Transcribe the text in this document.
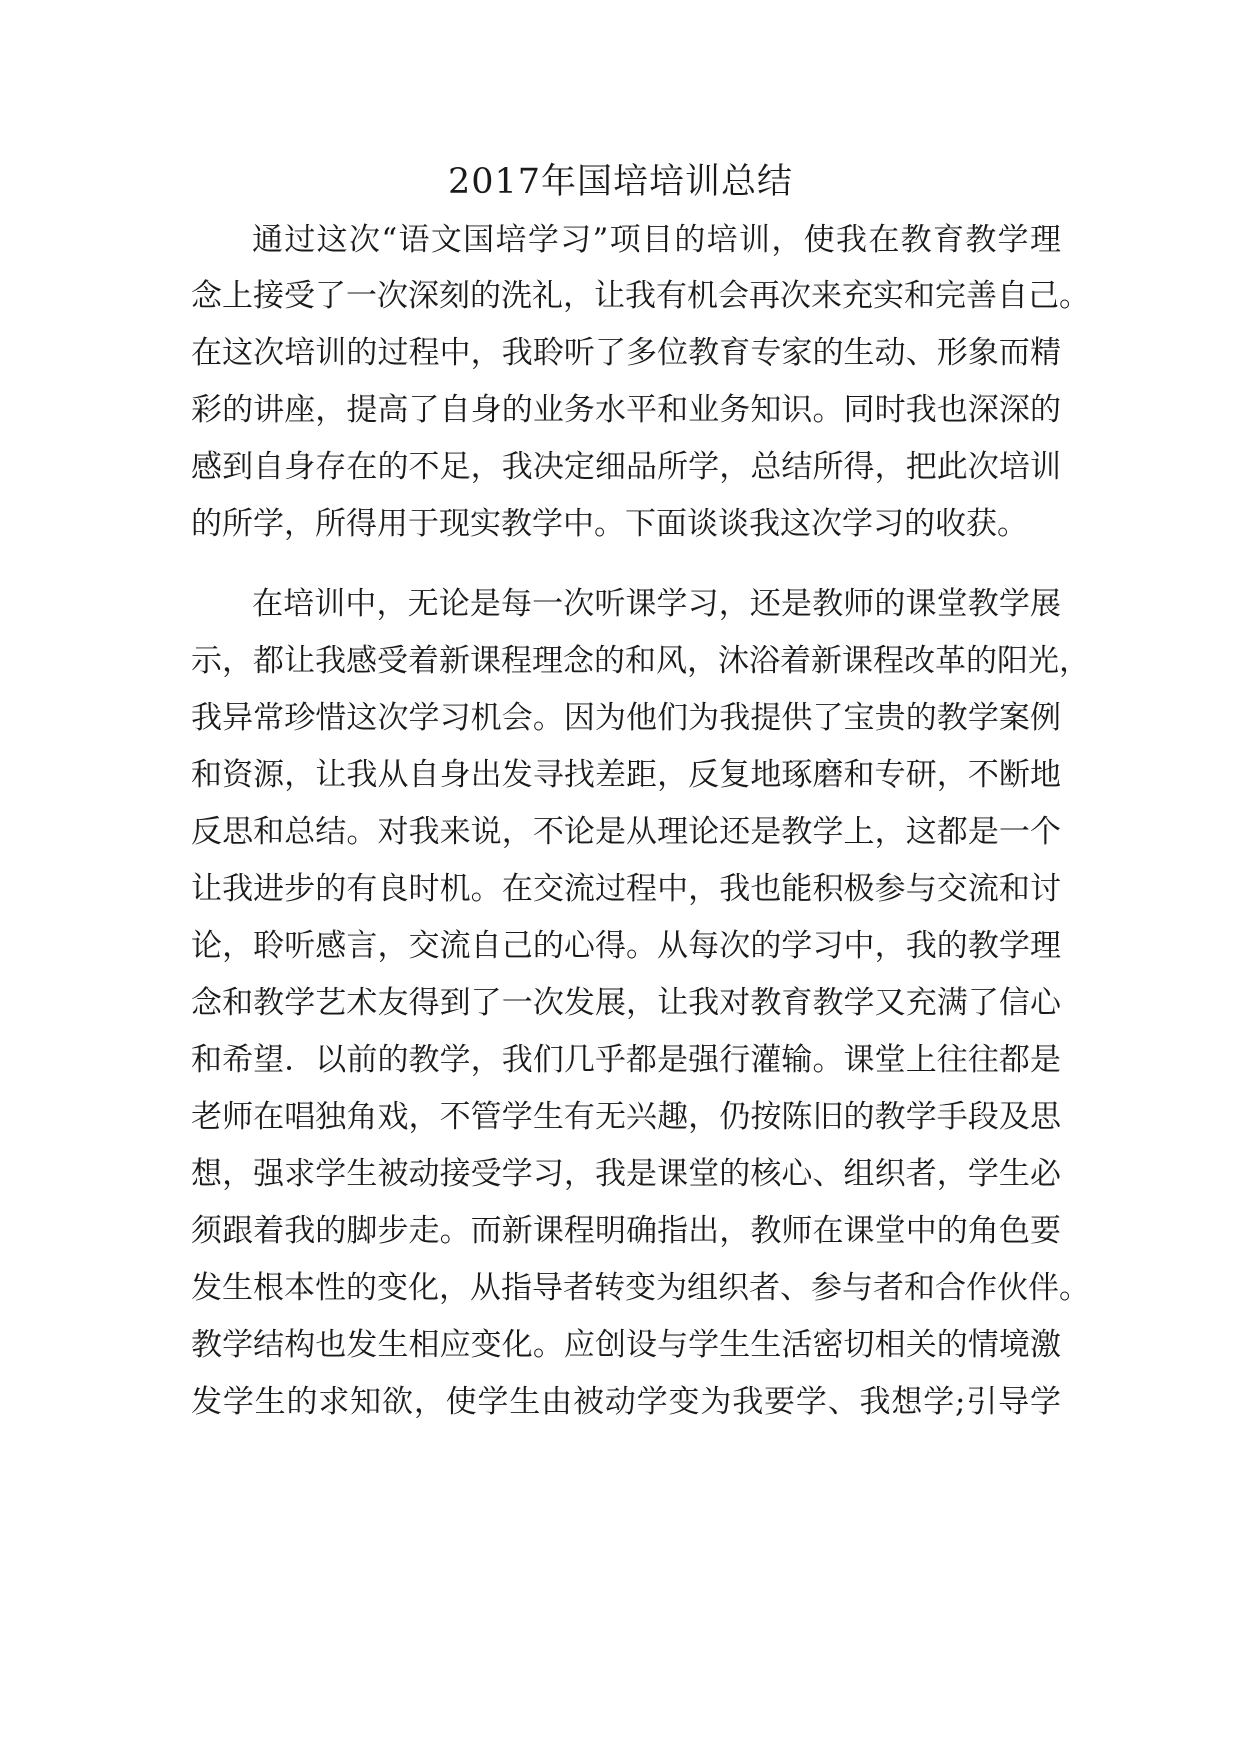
2017年国培培训总结
通过这次“语文国培学习”项目的培训，使我在教育教学理
念上接受了一次深刻的洗礼，让我有机会再次来充实和完善自己。
在这次培训的过程中，我聆听了多位教育专家的生动、形象而精
彩的讲座，提高了自身的业务水平和业务知识。同时我也深深的
感到自身存在的不足，我决定细品所学，总结所得，把此次培训
的所学，所得用于现实教学中。下面谈谈我这次学习的收获。
在培训中，无论是每一次听课学习，还是教师的课堂教学展
示，都让我感受着新课程理念的和风，沐浴着新课程改革的阳光，
我异常珍惜这次学习机会。因为他们为我提供了宝贵的教学案例
和资源，让我从自身出发寻找差距，反复地琢磨和专研，不断地
反思和总结。对我来说，不论是从理论还是教学上，这都是一个
让我进步的有良时机。在交流过程中，我也能积极参与交流和讨
论，聆听感言，交流自己的心得。从每次的学习中，我的教学理
念和教学艺术友得到了一次发展，让我对教育教学又充满了信心
和希望．以前的教学，我们几乎都是强行灌输。课堂上往往都是
老师在唱独角戏，不管学生有无兴趣，仍按陈旧的教学手段及思
想，强求学生被动接受学习，我是课堂的核心、组织者，学生必
须跟着我的脚步走。而新课程明确指出，教师在课堂中的角色要
发生根本性的变化，从指导者转变为组织者、参与者和合作伙伴。
教学结构也发生相应变化。应创设与学生生活密切相关的情境激
发学生的求知欲，使学生由被动学变为我要学、我想学;引导学
